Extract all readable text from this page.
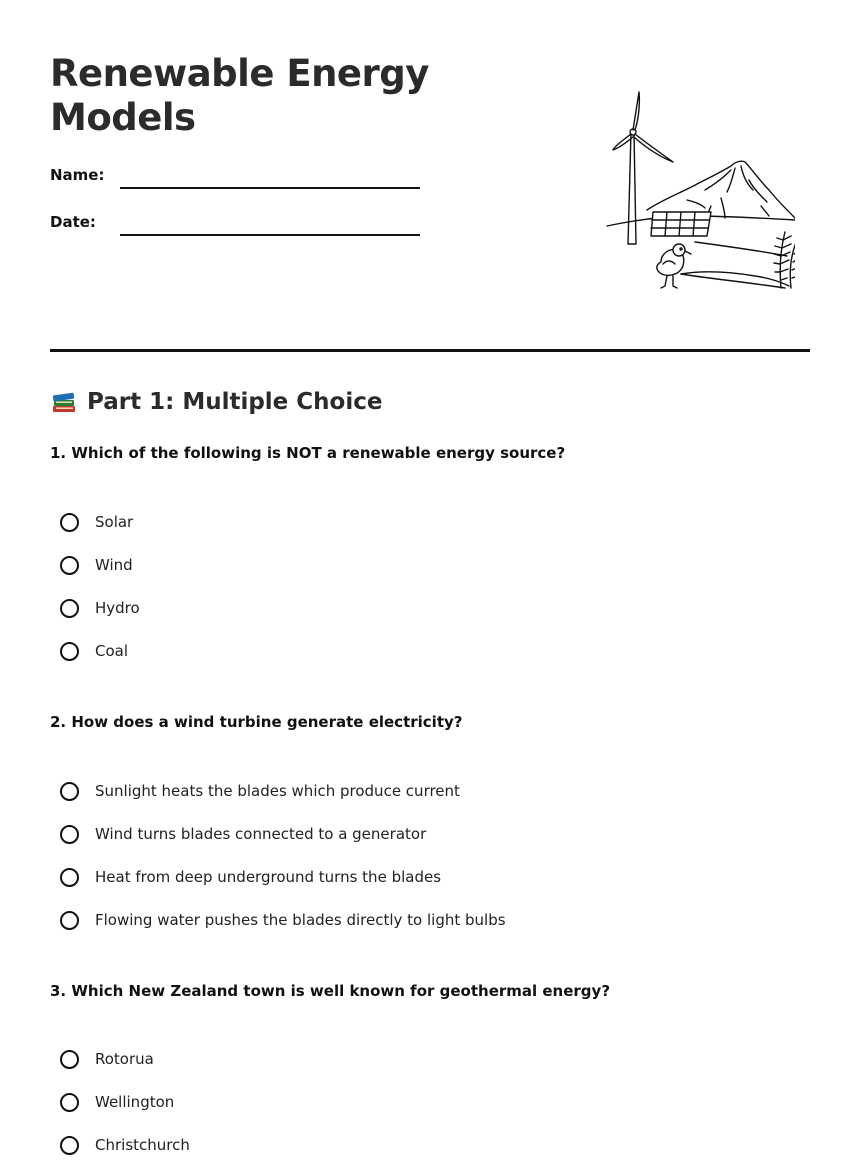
Renewable Energy Models
Name:
Date:
Part 1: Multiple Choice

1. Which of the following is NOT a renewable energy source?

Solar
Wind
Hydro
Coal

2. How does a wind turbine generate electricity?

Sunlight heats the blades which produce current
Wind turns blades connected to a generator
Heat from deep underground turns the blades
Flowing water pushes the blades directly to light bulbs

3. Which New Zealand town is well known for geothermal energy?

Rotorua
Wellington
Christchurch
